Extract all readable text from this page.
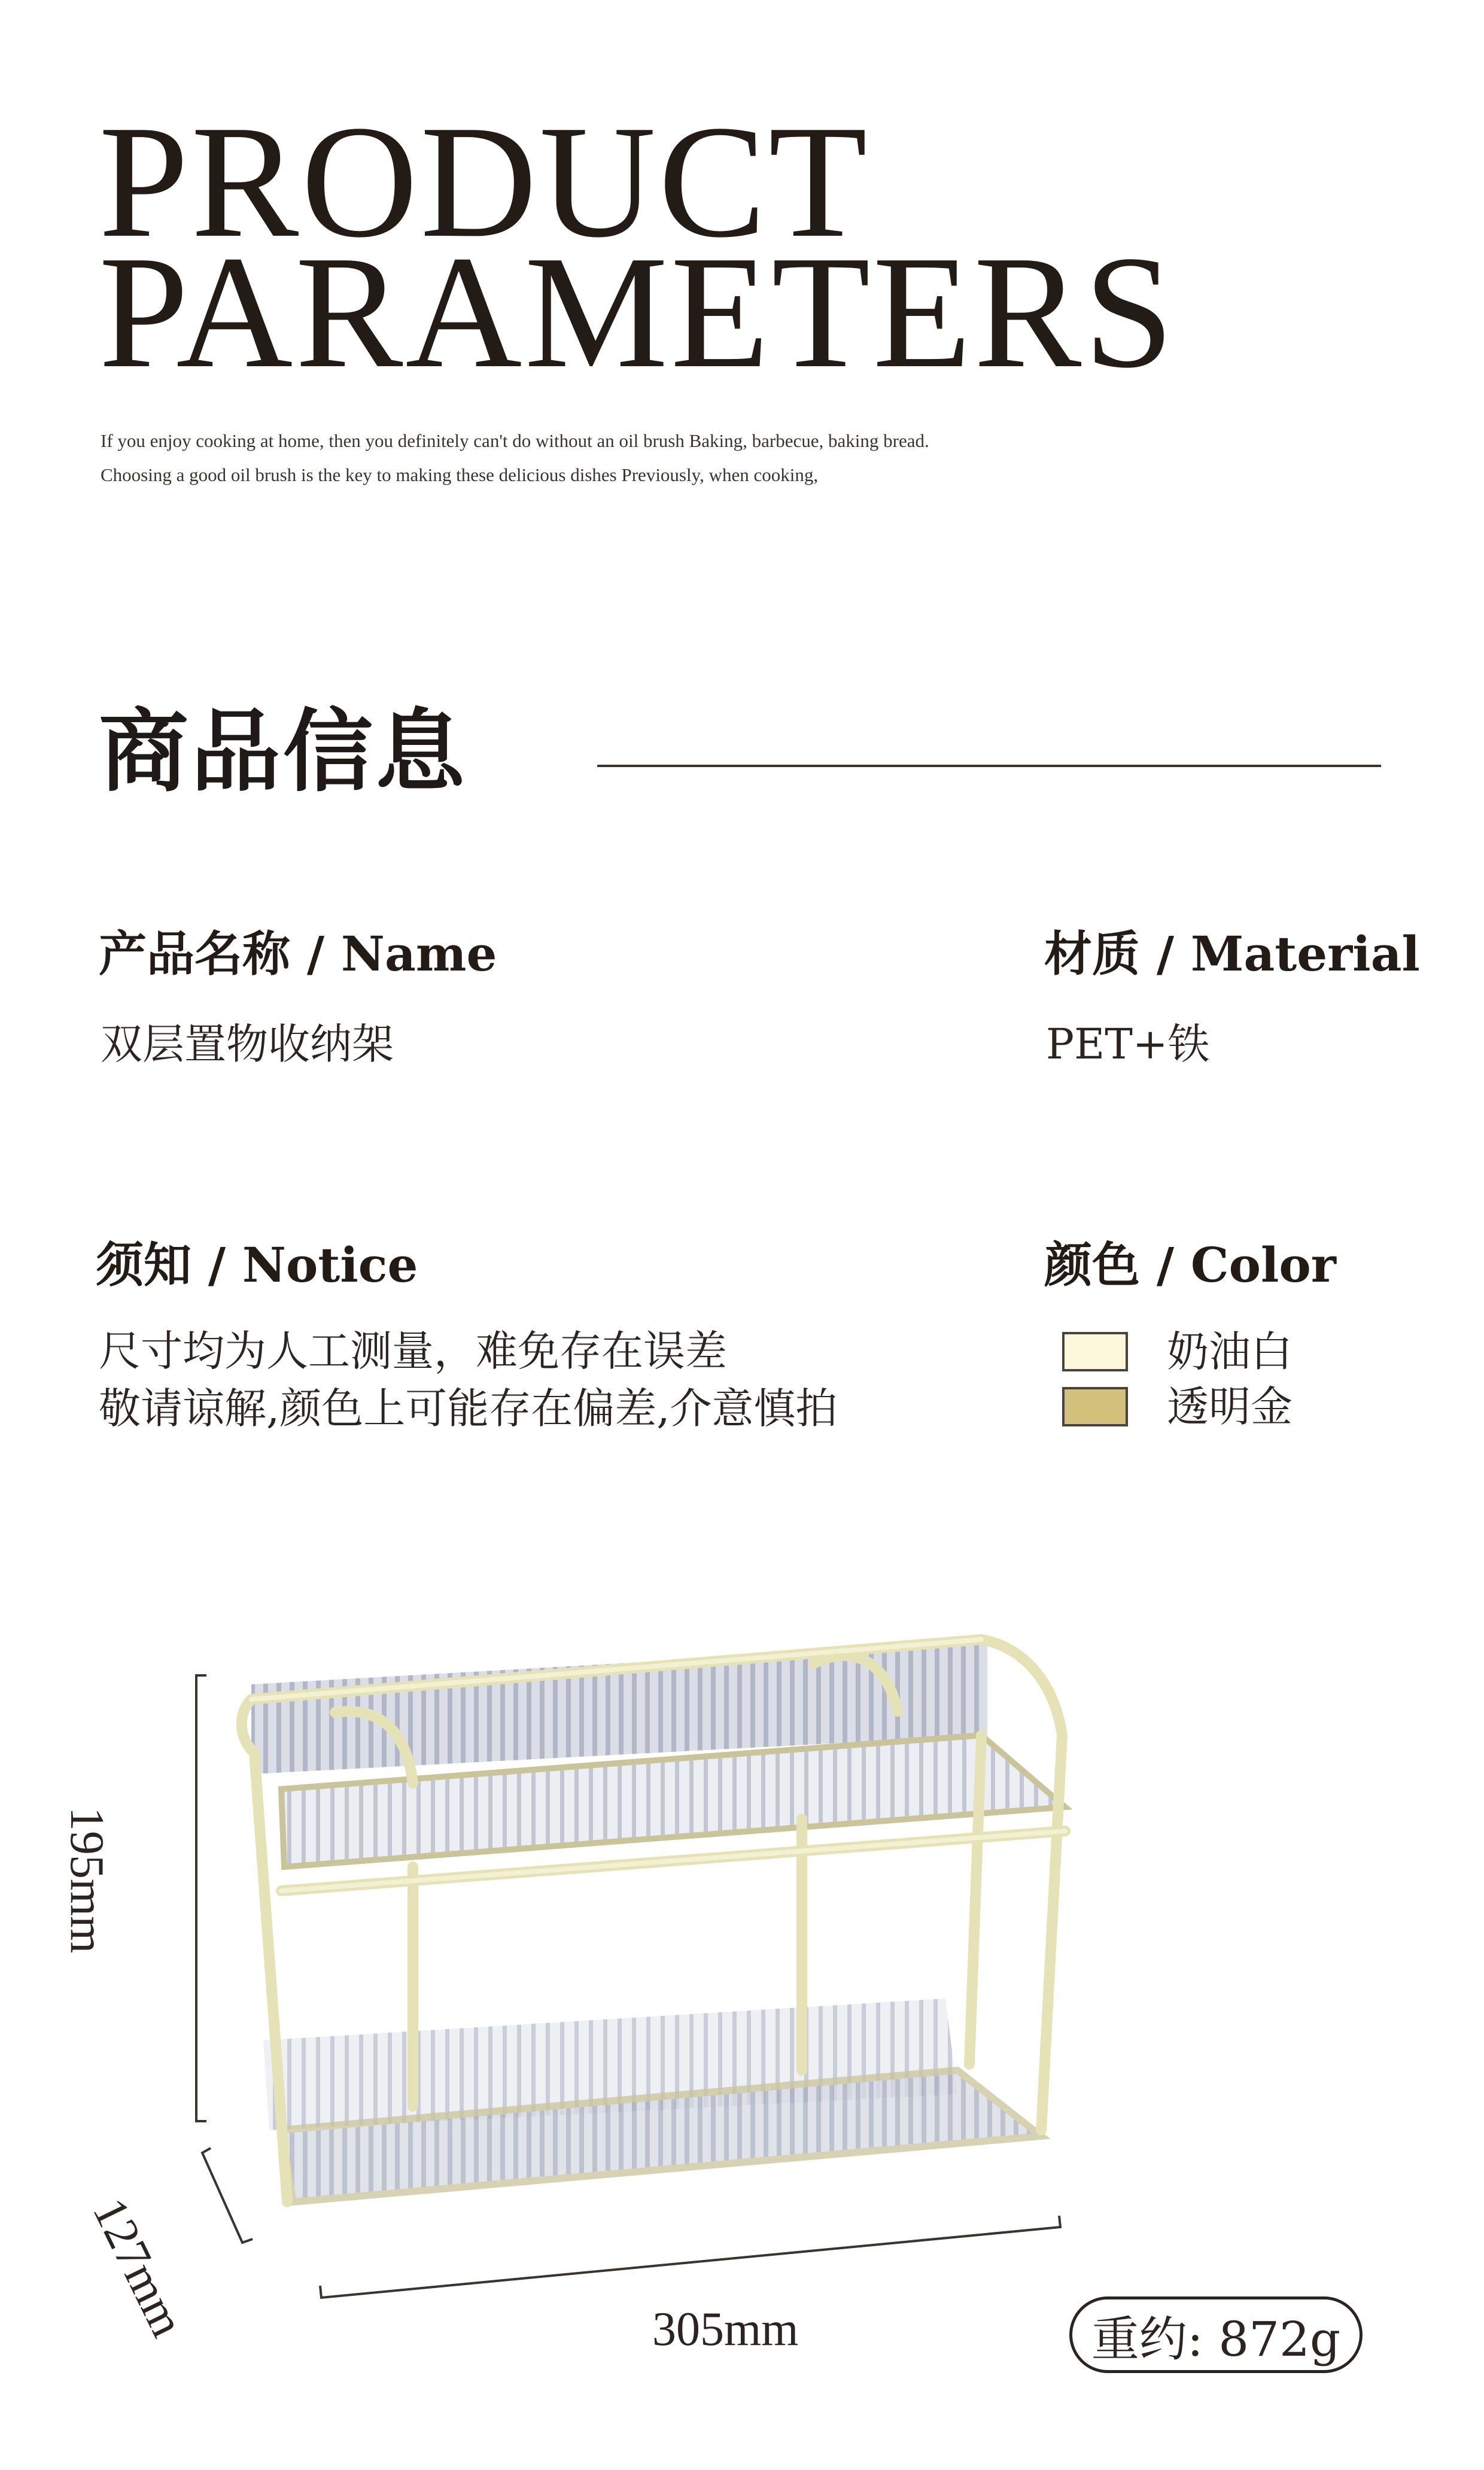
PRODUCT
PARAMETERS
If you enjoy cooking at home, then you definitely can't do without an oil brush Baking, barbecue, baking bread.
Choosing a good oil brush is the key to making these delicious dishes Previously, when cooking,
商品信息
产品名称 / Name
双层置物收纳架
材质 / Material
PET+铁
须知 / Notice
尺寸均为人工测量，难免存在误差
敬请谅解,颜色上可能存在偏差,介意慎拍
颜色 / Color
奶油白
透明金
195mm
127mm	305mm	重约: 872g
